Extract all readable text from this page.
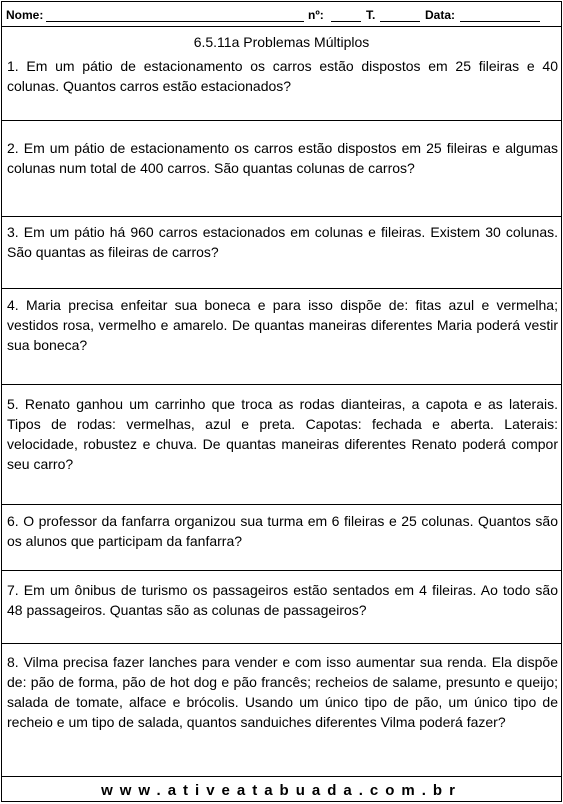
Nome:	nº:	T.	Data:
6.5.11a Problemas Múltiplos
1. Em um pátio de estacionamento os carros estão dispostos em 25 fileiras e 40 colunas. Quantos carros estão estacionados?
2. Em um pátio de estacionamento os carros estão dispostos em 25 fileiras e algumas colunas num total de 400 carros. São quantas colunas de carros?
3. Em um pátio há 960 carros estacionados em colunas e fileiras. Existem 30 colunas. São quantas as fileiras de carros?
4. Maria precisa enfeitar sua boneca e para isso dispõe de: fitas azul e vermelha; vestidos rosa, vermelho e amarelo. De quantas maneiras diferentes Maria poderá vestir sua boneca?
5. Renato ganhou um carrinho que troca as rodas dianteiras, a capota e as laterais. Tipos de rodas: vermelhas, azul e preta. Capotas: fechada e aberta. Laterais: velocidade, robustez e chuva. De quantas maneiras diferentes Renato poderá compor seu carro?
6. O professor da fanfarra organizou sua turma em 6 fileiras e 25 colunas. Quantos são os alunos que participam da fanfarra?
7. Em um ônibus de turismo os passageiros estão sentados em 4 fileiras. Ao todo são 48 passageiros. Quantas são as colunas de passageiros?
8. Vilma precisa fazer lanches para vender e com isso aumentar sua renda. Ela dispõe de: pão de forma, pão de hot dog e pão francês; recheios de salame, presunto e queijo; salada de tomate, alface e brócolis. Usando um único tipo de pão, um único tipo de recheio e um tipo de salada, quantos sanduiches diferentes Vilma poderá fazer?
www.ativeatabuada.com.br
